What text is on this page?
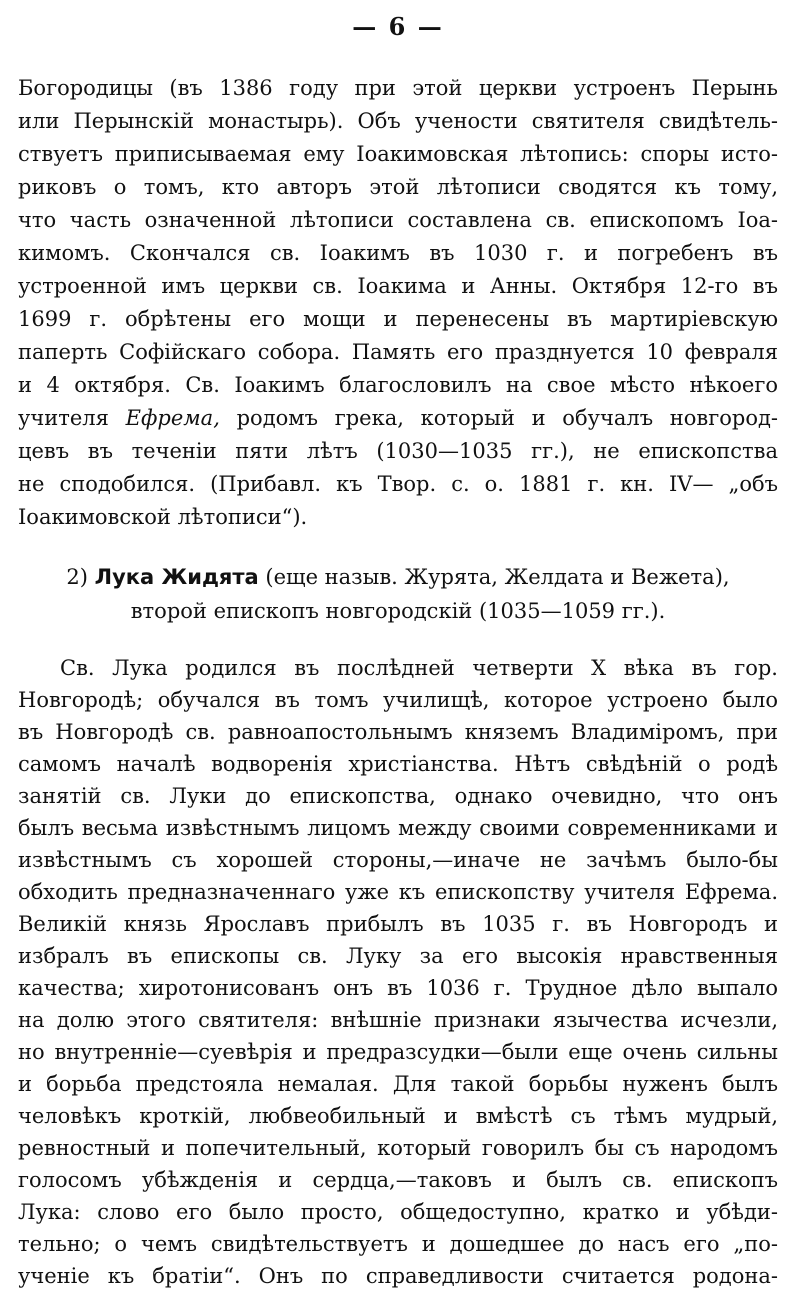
— 6 —
Богородицы (въ 1386 году при этой церкви устроенъ Перынь
или Перынскій монастырь). Объ учености святителя свидѣтель-
ствуетъ приписываемая ему Іоакимовская лѣтопись: споры исто-
риковъ о томъ, кто авторъ этой лѣтописи сводятся къ тому,
что часть означенной лѣтописи составлена св. епископомъ Іоа-
кимомъ. Скончался св. Іоакимъ въ 1030 г. и погребенъ въ
устроенной имъ церкви св. Іоакима и Анны. Октября 12-го въ
1699 г. обрѣтены его мощи и перенесены въ мартиріевскую
паперть Софійскаго собора. Память его празднуется 10 февраля
и 4 октября. Св. Іоакимъ благословилъ на свое мѣсто нѣкоего
учителя Ефрема, родомъ грека, который и обучалъ новгород-
цевъ въ теченіи пяти лѣтъ (1030—1035 гг.), не епископства
не сподобился. (Прибавл. къ Твор. с. о. 1881 г. кн. IV— „объ
Іоакимовской лѣтописи“).
2) Лука Жидята (еще назыв. Журята, Желдата и Вежета),
второй епископъ новгородскій (1035—1059 гг.).
Св. Лука родился въ послѣдней четверти X вѣка въ гор.
Новгородѣ; обучался въ томъ училищѣ, которое устроено было
въ Новгородѣ св. равноапостольнымъ княземъ Владиміромъ, при
самомъ началѣ водворенія христіанства. Нѣтъ свѣдѣній о родѣ
занятій св. Луки до епископства, однако очевидно, что онъ
былъ весьма извѣстнымъ лицомъ между своими современниками и
извѣстнымъ съ хорошей стороны,—иначе не зачѣмъ было-бы
обходить предназначеннаго уже къ епископству учителя Ефрема.
Великій князь Ярославъ прибылъ въ 1035 г. въ Новгородъ и
избралъ въ епископы св. Луку за его высокія нравственныя
качества; хиротонисованъ онъ въ 1036 г. Трудное дѣло выпало
на долю этого святителя: внѣшніе признаки язычества исчезли,
но внутренніе—суевѣрія и предразсудки—были еще очень сильны
и борьба предстояла немалая. Для такой борьбы нуженъ былъ
человѣкъ кроткій, любвеобильный и вмѣстѣ съ тѣмъ мудрый,
ревностный и попечительный, который говорилъ бы съ народомъ
голосомъ убѣжденія и сердца,—таковъ и былъ св. епископъ
Лука: слово его было просто, общедоступно, кратко и убѣди-
тельно; о чемъ свидѣтельствуетъ и дошедшее до насъ его „по-
ученіе къ братіи“. Онъ по справедливости считается родона-
